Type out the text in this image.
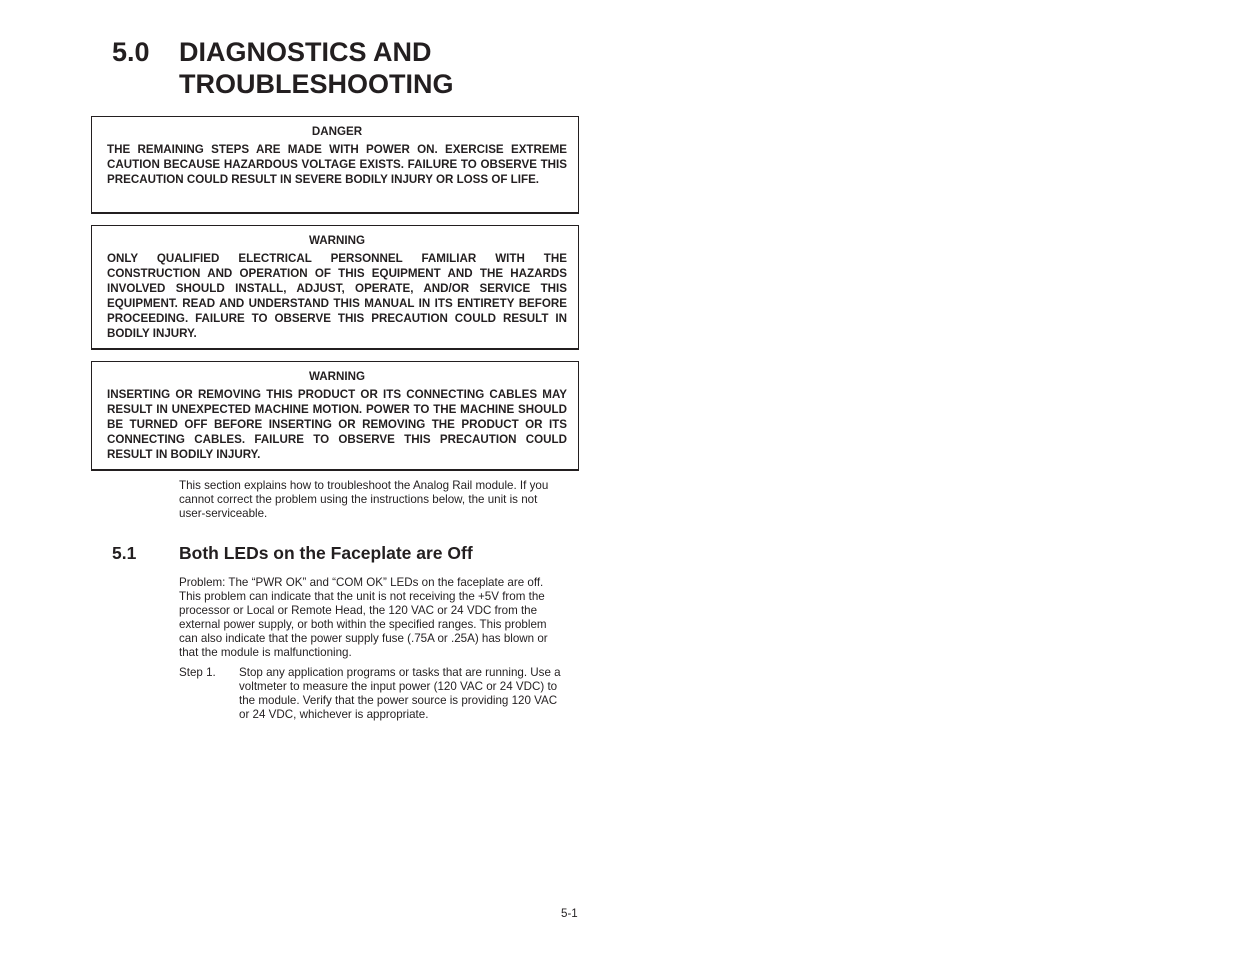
5.0 DIAGNOSTICS AND TROUBLESHOOTING

DANGER

THE REMAINING STEPS ARE MADE WITH POWER ON. EXERCISE EXTREME CAUTION BECAUSE HAZARDOUS VOLTAGE EXISTS. FAILURE TO OBSERVE THIS PRECAUTION COULD RESULT IN SEVERE BODILY INJURY OR LOSS OF LIFE.

WARNING

ONLY QUALIFIED ELECTRICAL PERSONNEL FAMILIAR WITH THE CONSTRUCTION AND OPERATION OF THIS EQUIPMENT AND THE HAZARDS INVOLVED SHOULD INSTALL, ADJUST, OPERATE, AND/OR SERVICE THIS EQUIPMENT. READ AND UNDERSTAND THIS MANUAL IN ITS ENTIRETY BEFORE PROCEEDING. FAILURE TO OBSERVE THIS PRECAUTION COULD RESULT IN BODILY INJURY.

WARNING

INSERTING OR REMOVING THIS PRODUCT OR ITS CONNECTING CABLES MAY RESULT IN UNEXPECTED MACHINE MOTION. POWER TO THE MACHINE SHOULD BE TURNED OFF BEFORE INSERTING OR REMOVING THE PRODUCT OR ITS CONNECTING CABLES. FAILURE TO OBSERVE THIS PRECAUTION COULD RESULT IN BODILY INJURY.

This section explains how to troubleshoot the Analog Rail module. If you cannot correct the problem using the instructions below, the unit is not user-serviceable.

5.1 Both LEDs on the Faceplate are Off

Problem: The “PWR OK” and “COM OK” LEDs on the faceplate are off. This problem can indicate that the unit is not receiving the +5V from the processor or Local or Remote Head, the 120 VAC or 24 VDC from the external power supply, or both within the specified ranges. This problem can also indicate that the power supply fuse (.75A or .25A) has blown or that the module is malfunctioning.

Step 1. Stop any application programs or tasks that are running. Use a voltmeter to measure the input power (120 VAC or 24 VDC) to the module. Verify that the power source is providing 120 VAC or 24 VDC, whichever is appropriate.

5-1
